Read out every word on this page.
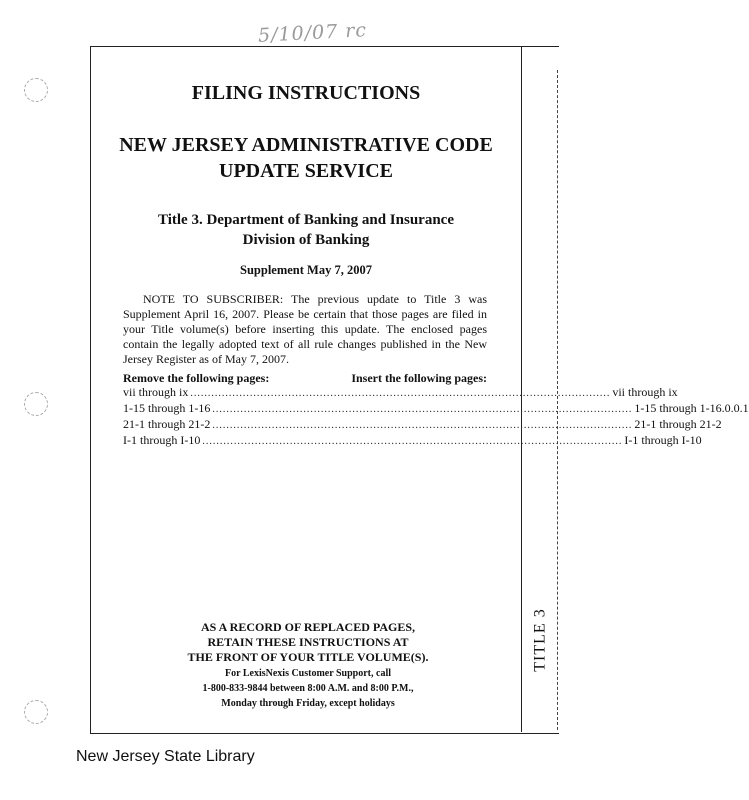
5/10/07 rc
TITLE 3
FILING INSTRUCTIONS
NEW JERSEY ADMINISTRATIVE CODE
UPDATE SERVICE
Title 3. Department of Banking and Insurance
Division of Banking
Supplement May 7, 2007
NOTE TO SUBSCRIBER: The previous update to Title 3 was Supplement April 16, 2007. Please be certain that those pages are filed in your Title volume(s) before inserting this update. The enclosed pages contain the legally adopted text of all rule changes published in the New Jersey Register as of May 7, 2007.
Remove the following pages:	Insert the following pages:
vii through ix ........................................................................................................................ vii through ix
1-15 through 1-16 ........................................................................................................................ 1-15 through 1-16.0.0.1
21-1 through 21-2 ........................................................................................................................ 21-1 through 21-2
I-1 through I-10 ........................................................................................................................ I-1 through I-10
AS A RECORD OF REPLACED PAGES,
RETAIN THESE INSTRUCTIONS AT
THE FRONT OF YOUR TITLE VOLUME(S).
For LexisNexis Customer Support, call
1-800-833-9844 between 8:00 A.M. and 8:00 P.M.,
Monday through Friday, except holidays
New Jersey State Library
